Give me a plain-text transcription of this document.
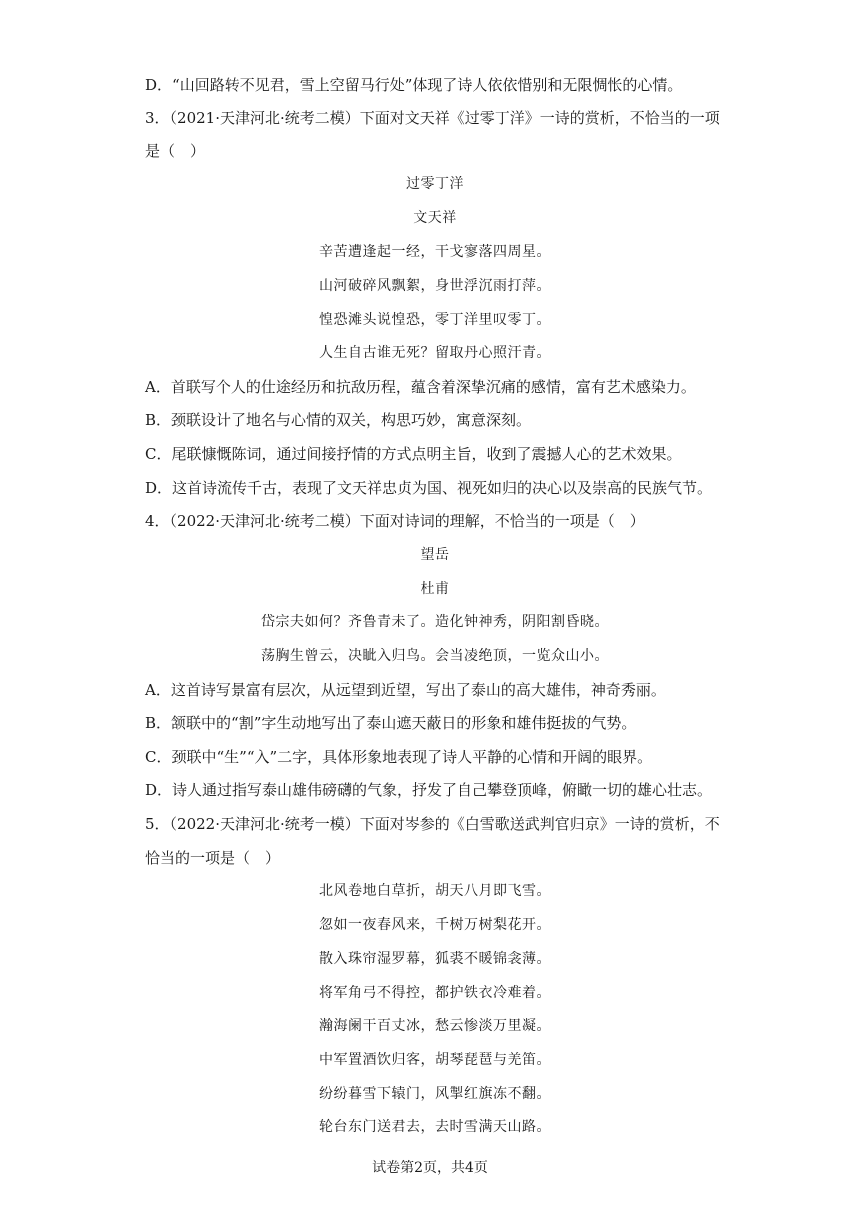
D．“山回路转不见君，雪上空留马行处”体现了诗人依依惜别和无限惆怅的心情。
3．（2021·天津河北·统考二模）下面对文天祥《过零丁洋》一诗的赏析，不恰当的一项
是（　）
过零丁洋
文天祥
辛苦遭逢起一经，干戈寥落四周星。
山河破碎风飘絮，身世浮沉雨打萍。
惶恐滩头说惶恐，零丁洋里叹零丁。
人生自古谁无死？留取丹心照汗青。
A．首联写个人的仕途经历和抗敌历程，蕴含着深挚沉痛的感情，富有艺术感染力。
B．颈联设计了地名与心情的双关，构思巧妙，寓意深刻。
C．尾联慷慨陈词，通过间接抒情的方式点明主旨，收到了震撼人心的艺术效果。
D．这首诗流传千古，表现了文天祥忠贞为国、视死如归的决心以及崇高的民族气节。
4．（2022·天津河北·统考二模）下面对诗词的理解，不恰当的一项是（　）
望岳
杜甫
岱宗夫如何？齐鲁青未了。造化钟神秀，阴阳割昏晓。
荡胸生曾云，决眦入归鸟。会当凌绝顶，一览众山小。
A．这首诗写景富有层次，从远望到近望，写出了泰山的高大雄伟，神奇秀丽。
B．颔联中的“割”字生动地写出了泰山遮天蔽日的形象和雄伟挺拔的气势。
C．颈联中“生”“入”二字，具体形象地表现了诗人平静的心情和开阔的眼界。
D．诗人通过指写泰山雄伟磅礴的气象，抒发了自己攀登顶峰，俯瞰一切的雄心壮志。
5．（2022·天津河北·统考一模）下面对岑参的《白雪歌送武判官归京》一诗的赏析，不
恰当的一项是（　）
北风卷地白草折，胡天八月即飞雪。
忽如一夜春风来，千树万树梨花开。
散入珠帘湿罗幕，狐裘不暖锦衾薄。
将军角弓不得控，都护铁衣冷难着。
瀚海阑干百丈冰，愁云惨淡万里凝。
中军置酒饮归客，胡琴琵琶与羌笛。
纷纷暮雪下辕门，风掣红旗冻不翻。
轮台东门送君去，去时雪满天山路。
试卷第2页，共4页
